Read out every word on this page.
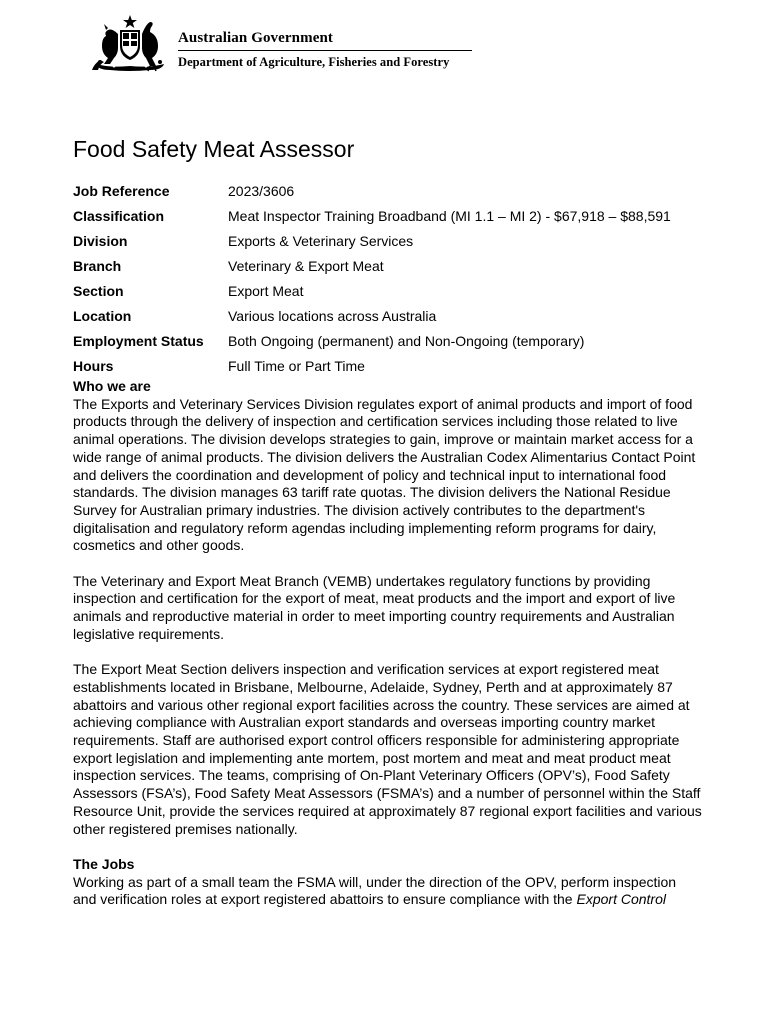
Australian Government
Department of Agriculture, Fisheries and Forestry
Food Safety Meat Assessor
Job Reference	2023/3606
Classification	Meat Inspector Training Broadband (MI 1.1 – MI 2) - $67,918 – $88,591
Division	Exports & Veterinary Services
Branch	Veterinary & Export Meat
Section	Export Meat
Location	Various locations across Australia
Employment Status	Both Ongoing (permanent) and Non-Ongoing (temporary)
Hours	Full Time or Part Time

Who we are

The Exports and Veterinary Services Division regulates export of animal products and import of food products through the delivery of inspection and certification services including those related to live animal operations. The division develops strategies to gain, improve or maintain market access for a wide range of animal products. The division delivers the Australian Codex Alimentarius Contact Point and delivers the coordination and development of policy and technical input to international food standards. The division manages 63 tariff rate quotas. The division delivers the National Residue Survey for Australian primary industries. The division actively contributes to the department's digitalisation and regulatory reform agendas including implementing reform programs for dairy, cosmetics and other goods.

The Veterinary and Export Meat Branch (VEMB) undertakes regulatory functions by providing inspection and certification for the export of meat, meat products and the import and export of live animals and reproductive material in order to meet importing country requirements and Australian legislative requirements.

The Export Meat Section delivers inspection and verification services at export registered meat establishments located in Brisbane, Melbourne, Adelaide, Sydney, Perth and at approximately 87 abattoirs and various other regional export facilities across the country. These services are aimed at achieving compliance with Australian export standards and overseas importing country market requirements. Staff are authorised export control officers responsible for administering appropriate export legislation and implementing ante mortem, post mortem and meat and meat product meat inspection services. The teams, comprising of On-Plant Veterinary Officers (OPV’s), Food Safety Assessors (FSA’s), Food Safety Meat Assessors (FSMA’s) and a number of personnel within the Staff Resource Unit, provide the services required at approximately 87 regional export facilities and various other registered premises nationally.

The Jobs

Working as part of a small team the FSMA will, under the direction of the OPV, perform inspection and verification roles at export registered abattoirs to ensure compliance with the Export Control
